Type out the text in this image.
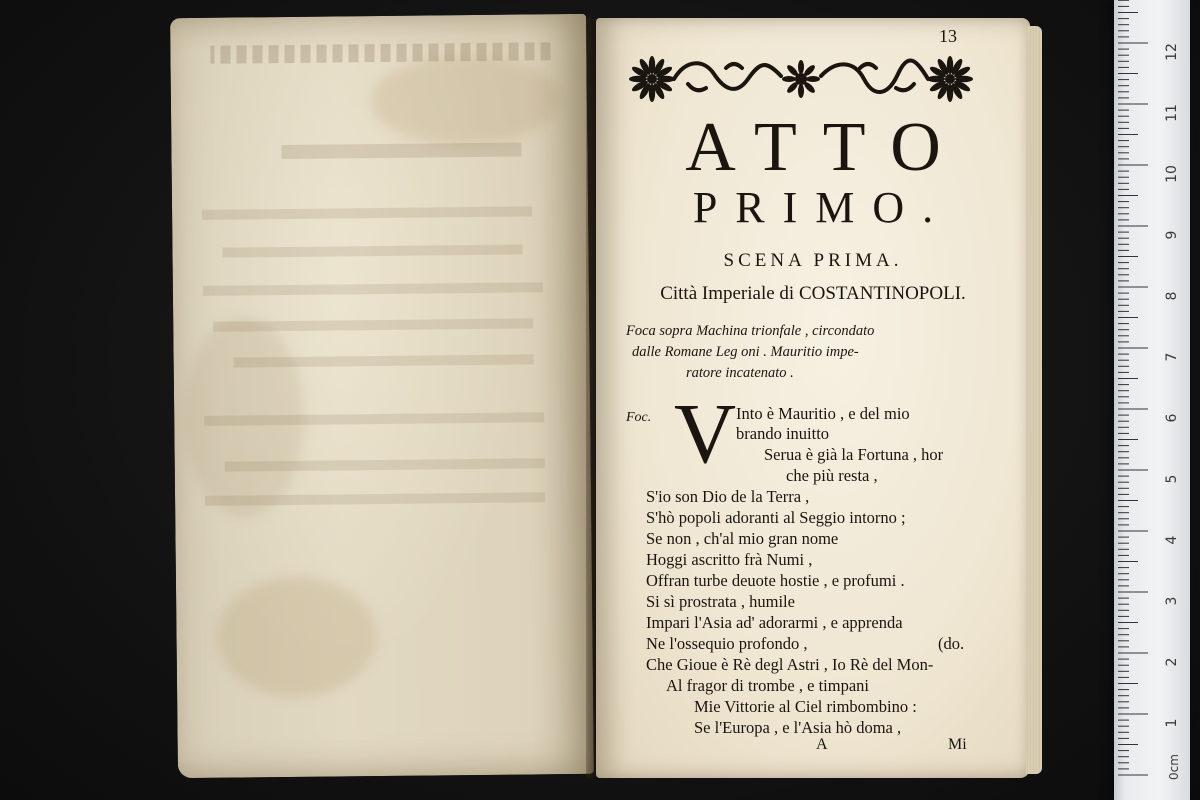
13
ATTO
PRIMO.
SCENA PRIMA.
Città Imperiale di COSTANTINOPOLI.
Foca sopra Machina trionfale , circondato
dalle Romane Leg oni . Mauritio impe-
ratore incatenato .
Foc. V Into è Mauritio , e del mio
brando inuitto
Serua è già la Fortuna , hor
che più resta ,
S'io son Dio de la Terra ,
S'hò popoli adoranti al Seggio intorno ;
Se non , ch'al mio gran nome
Hoggi ascritto frà Numi ,
Offran turbe deuote hostie , e profumi .
Si sì prostrata , humile
Impari l'Asia ad' adorarmi , e apprenda
Ne l'ossequio profondo ,	(do.
Che Gioue è Rè degl Astri , Io Rè del Mon-
Al fragor di trombe , e timpani
Mie Vittorie al Ciel rimbombino :
Se l'Europa , e l'Asia hò doma ,
A	Mi
12
11
10
9
8
7
6
5
4
3
2
1
0cm
